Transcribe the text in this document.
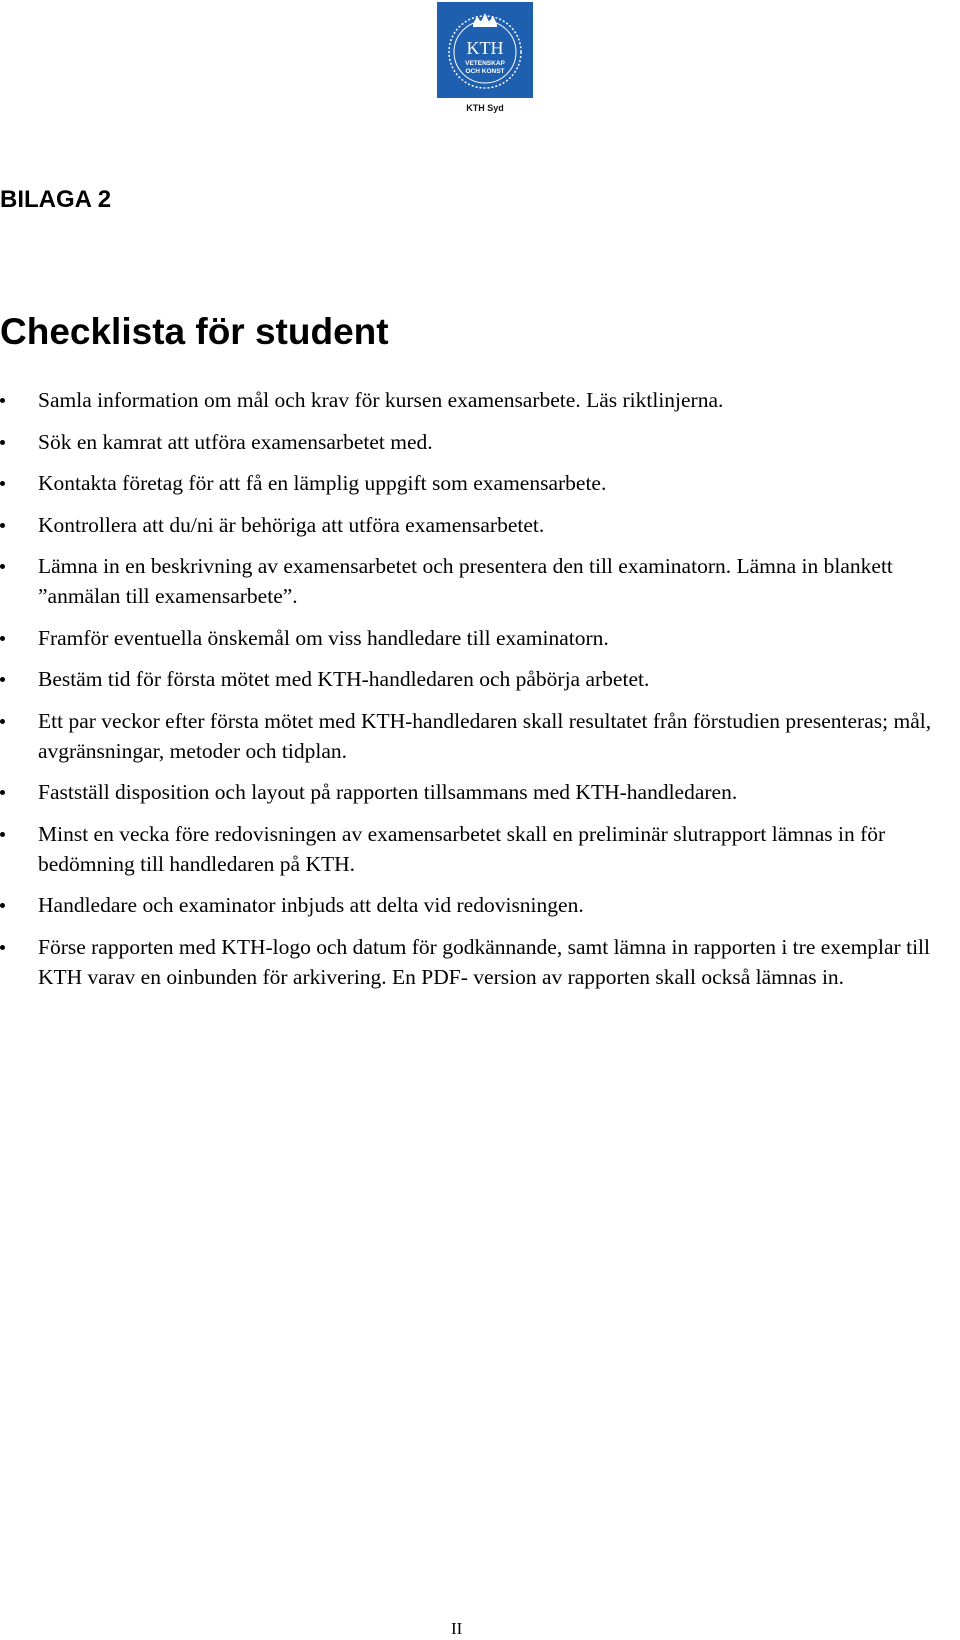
KTH
VETENSKAP
OCH KONST
KTH Syd
BILAGA 2
Checklista för student
Samla information om mål och krav för kursen examensarbete. Läs riktlinjerna.
Sök en kamrat att utföra examensarbetet med.
Kontakta företag för att få en lämplig uppgift som examensarbete.
Kontrollera att du/ni är behöriga att utföra examensarbetet.
Lämna in en beskrivning av examensarbetet och presentera den till examinatorn. Lämna in blankett ”anmälan till examensarbete”.
Framför eventuella önskemål om viss handledare till examinatorn.
Bestäm tid för första mötet med KTH-handledaren och påbörja arbetet.
Ett par veckor efter första mötet med KTH-handledaren skall resultatet från förstudien presenteras; mål, avgränsningar, metoder och tidplan.
Fastställ disposition och layout på rapporten tillsammans med KTH-handledaren.
Minst en vecka före redovisningen av examensarbetet skall en preliminär slutrapport lämnas in för bedömning till handledaren på KTH.
Handledare och examinator inbjuds att delta vid redovisningen.
Förse rapporten med KTH-logo och datum för godkännande, samt lämna in rapporten i tre exemplar till KTH varav en oinbunden för arkivering. En PDF- version av rapporten skall också lämnas in.
II
